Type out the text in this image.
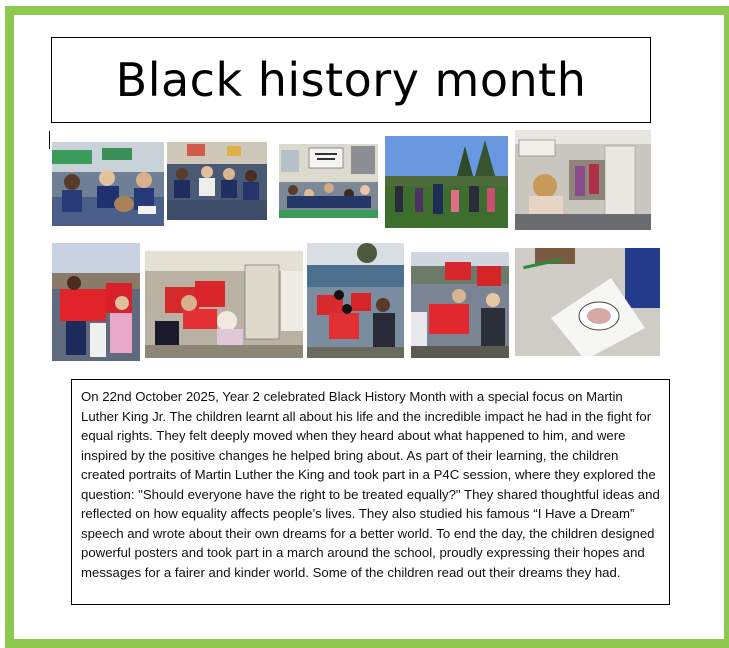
Black history month

On 22nd October 2025, Year 2 celebrated Black History Month with a special focus on Martin Luther King Jr. The children learnt all about his life and the incredible impact he had in the fight for equal rights. They felt deeply moved when they heard about what happened to him, and were inspired by the positive changes he helped bring about. As part of their learning, the children created portraits of Martin Luther the King and took part in a P4C session, where they explored the question: "Should everyone have the right to be treated equally?" They shared thoughtful ideas and reflected on how equality affects people’s lives. They also studied his famous “I Have a Dream” speech and wrote about their own dreams for a better world. To end the day, the children designed powerful posters and took part in a march around the school, proudly expressing their hopes and messages for a fairer and kinder world. Some of the children read out their dreams they had.
